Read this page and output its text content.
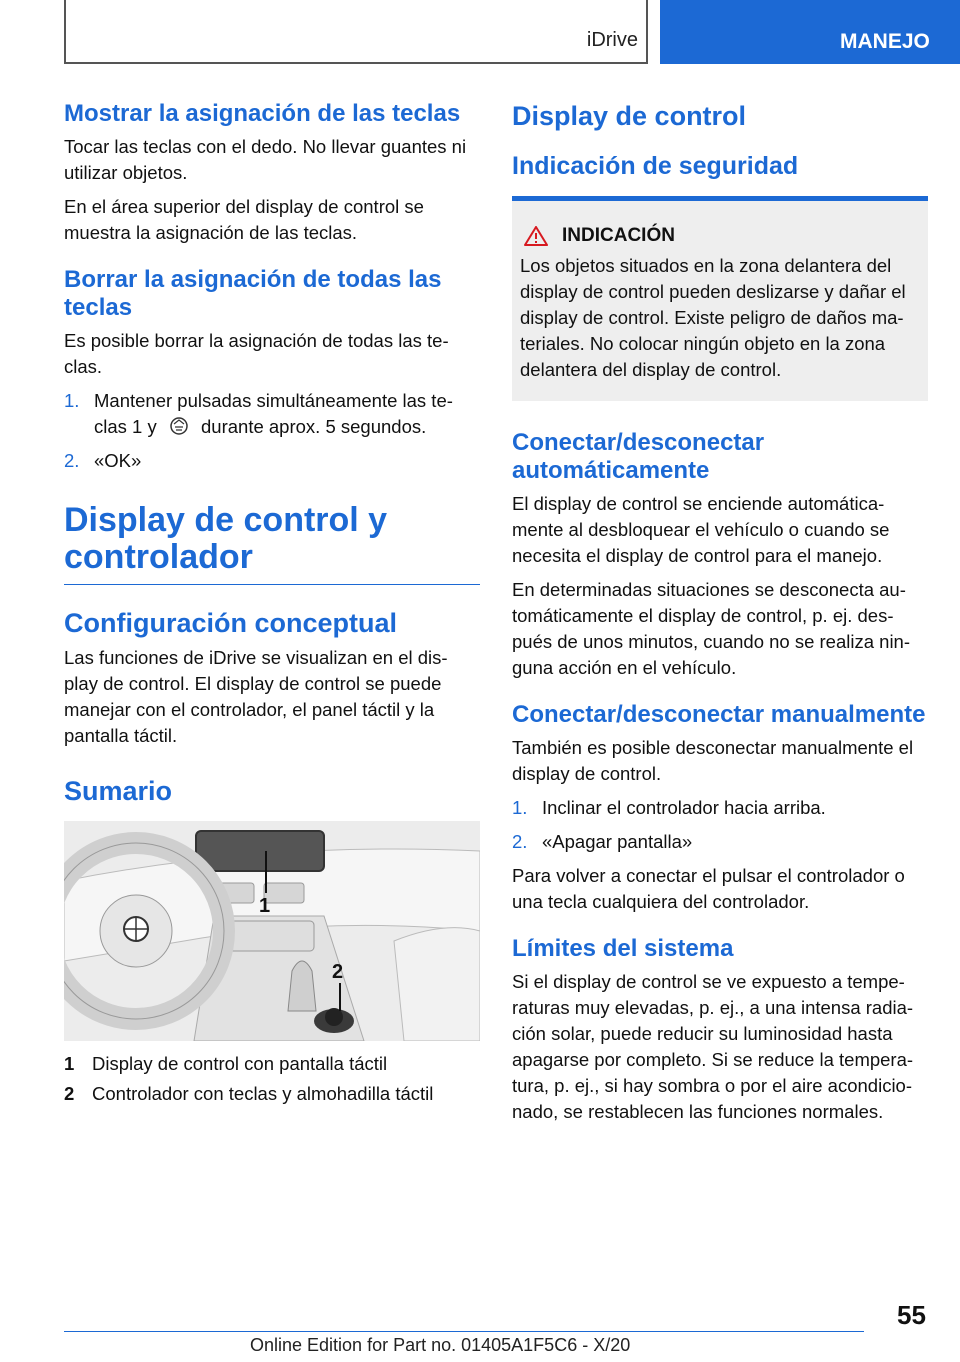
iDrive	MANEJO
Mostrar la asignación de las teclas

Tocar las teclas con el dedo. No llevar guantes ni utilizar objetos.

En el área superior del display de control se muestra la asignación de las teclas.

Borrar la asignación de todas las teclas

Es posible borrar la asignación de todas las te‐clas.

1. Mantener pulsadas simultáneamente las te‐clas 1 y durante aprox. 5 segundos.
2. «OK»
Display de control y controlador
Configuración conceptual

Las funciones de iDrive se visualizan en el dis‐play de control. El display de control se puede manejar con el controlador, el panel táctil y la pantalla táctil.

Sumario
1
2
1 Display de control con pantalla táctil
2 Controlador con teclas y almohadilla táctil
Display de control
Indicación de seguridad
INDICACIÓN

Los objetos situados en la zona delantera del display de control pueden deslizarse y dañar el display de control. Existe peligro de daños ma‐teriales. No colocar ningún objeto en la zona delantera del display de control.

Conectar/desconectar automáticamente

El display de control se enciende automática‐mente al desbloquear el vehículo o cuando se necesita el display de control para el manejo.

En determinadas situaciones se desconecta au‐tomáticamente el display de control, p. ej. des‐pués de unos minutos, cuando no se realiza nin‐guna acción en el vehículo.

Conectar/desconectar manualmente

También es posible desconectar manualmente el display de control.

1. Inclinar el controlador hacia arriba.
2. «Apagar pantalla»

Para volver a conectar el pulsar el controlador o una tecla cualquiera del controlador.

Límites del sistema

Si el display de control se ve expuesto a tempe‐raturas muy elevadas, p. ej., a una intensa radia‐ción solar, puede reducir su luminosidad hasta apagarse por completo. Si se reduce la tempera‐tura, p. ej., si hay sombra o por el aire acondicio‐nado, se restablecen las funciones normales.

55
Online Edition for Part no. 01405A1F5C6 - X/20
